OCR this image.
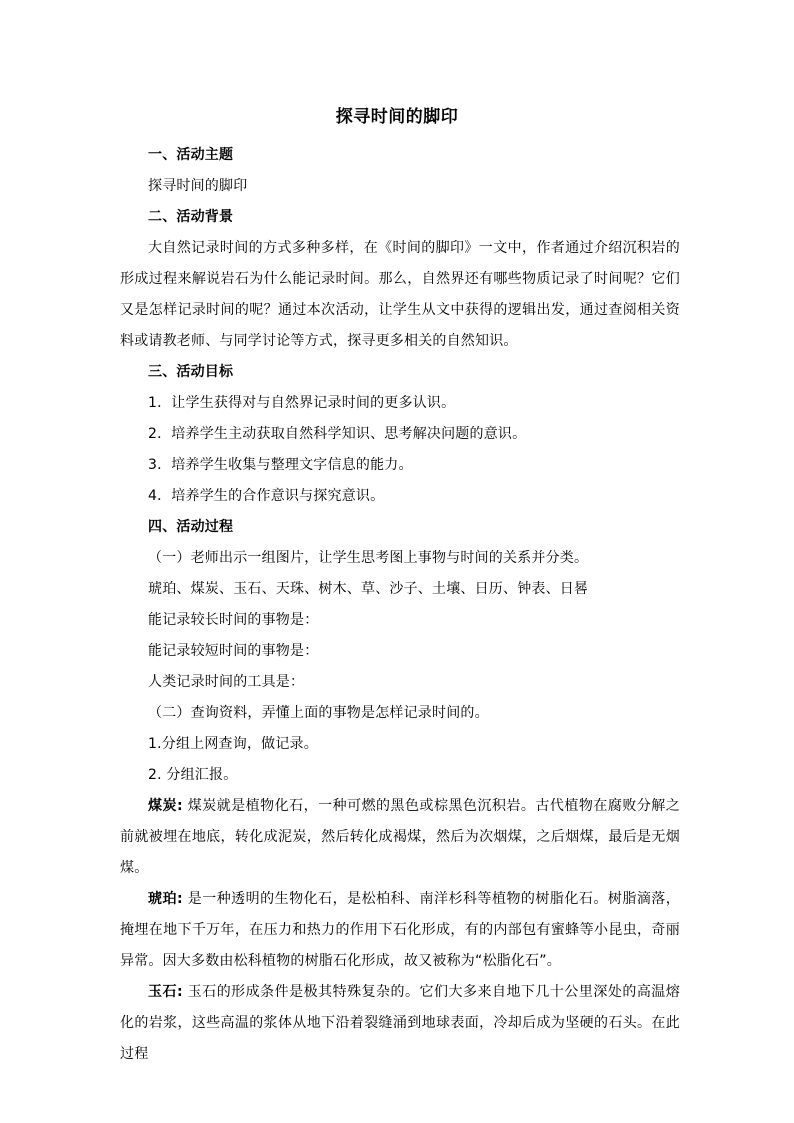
探寻时间的脚印
一、活动主题
探寻时间的脚印
二、活动背景
大自然记录时间的方式多种多样，在《时间的脚印》一文中，作者通过介绍沉积岩的形成过程来解说岩石为什么能记录时间。那么，自然界还有哪些物质记录了时间呢？它们又是怎样记录时间的呢？通过本次活动，让学生从文中获得的逻辑出发，通过查阅相关资料或请教老师、与同学讨论等方式，探寻更多相关的自然知识。
三、活动目标
1．让学生获得对与自然界记录时间的更多认识。
2．培养学生主动获取自然科学知识、思考解决问题的意识。
3．培养学生收集与整理文字信息的能力。
4．培养学生的合作意识与探究意识。
四、活动过程
（一）老师出示一组图片，让学生思考图上事物与时间的关系并分类。
琥珀、煤炭、玉石、天珠、树木、草、沙子、土壤、日历、钟表、日晷
能记录较长时间的事物是：
能记录较短时间的事物是：
人类记录时间的工具是：
（二）查询资料，弄懂上面的事物是怎样记录时间的。
1.分组上网查询，做记录。
2. 分组汇报。
煤炭: 煤炭就是植物化石，一种可燃的黑色或棕黑色沉积岩。古代植物在腐败分解之前就被埋在地底，转化成泥炭，然后转化成褐煤，然后为次烟煤，之后烟煤，最后是无烟煤。
琥珀: 是一种透明的生物化石，是松柏科、南洋杉科等植物的树脂化石。树脂滴落，掩埋在地下千万年，在压力和热力的作用下石化形成，有的内部包有蜜蜂等小昆虫，奇丽异常。因大多数由松科植物的树脂石化形成，故又被称为“松脂化石”。
玉石: 玉石的形成条件是极其特殊复杂的。它们大多来自地下几十公里深处的高温熔化的岩浆，这些高温的浆体从地下沿着裂缝涌到地球表面，冷却后成为坚硬的石头。在此过程
